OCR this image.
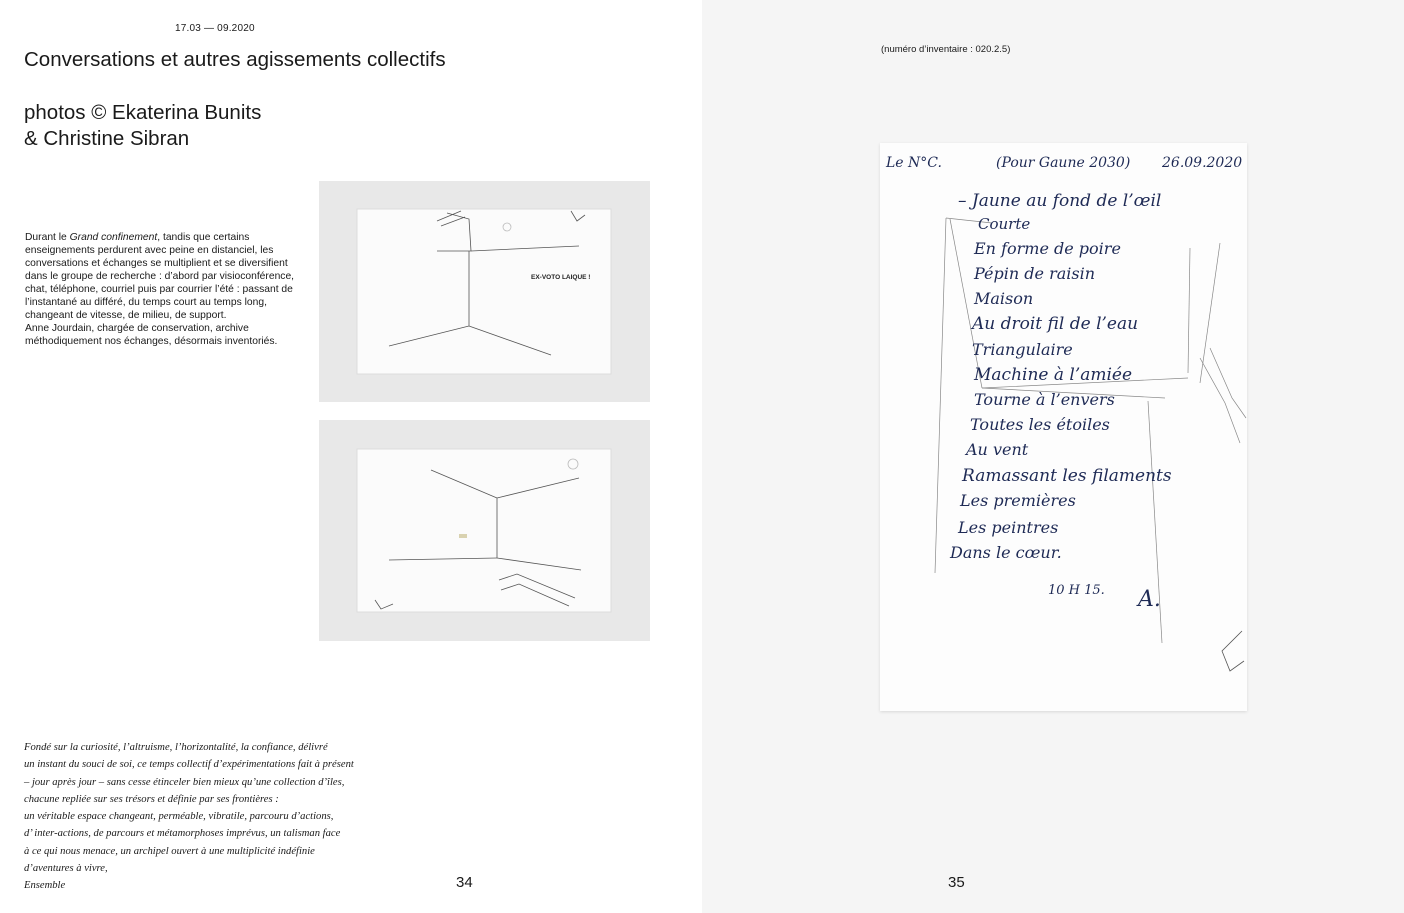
17.03 — 09.2020
Conversations et autres agissements collectifs
photos © Ekaterina Bunits
& Christine Sibran

Durant le Grand confinement, tandis que certains enseignements perdurent avec peine en distanciel, les conversations et échanges se multiplient et se diversifient dans le groupe de recherche : d’abord par visioconférence, chat, téléphone, courriel puis par courrier l’été : passant de l’instantané au différé, du temps court au temps long, changeant de vitesse, de milieu, de support.

Anne Jourdain, chargée de conservation, archive méthodiquement nos échanges, désormais inventoriés.

EX-VOTO LAIQUE !
Fondé sur la curiosité, l’altruisme, l’horizontalité, la confiance, délivré
un instant du souci de soi, ce temps collectif d’expérimentations fait à présent
– jour après jour – sans cesse étinceler bien mieux qu’une collection d’îles,
chacune repliée sur ses trésors et définie par ses frontières :
un véritable espace changeant, perméable, vibratile, parcouru d’actions,
d’ inter-actions, de parcours et métamorphoses imprévus, un talisman face
à ce qui nous menace, un archipel ouvert à une multiplicité indéfinie
d’aventures à vivre,
Ensemble	34
(numéro d’inventaire : 020.2.5)
Le N°C.	(Pour Gaune 2030) 26.09.2020
– Jaune au fond de l’œil
Courte
En forme de poire
Pépin de raisin
Maison
Au droit fil de l’eau
Triangulaire
Machine à l’amiée
Tourne à l’envers
Toutes les étoiles
Au vent
Ramassant les filaments
Les premières
Les peintres
Dans le cœur.
10 H 15. A.
35
